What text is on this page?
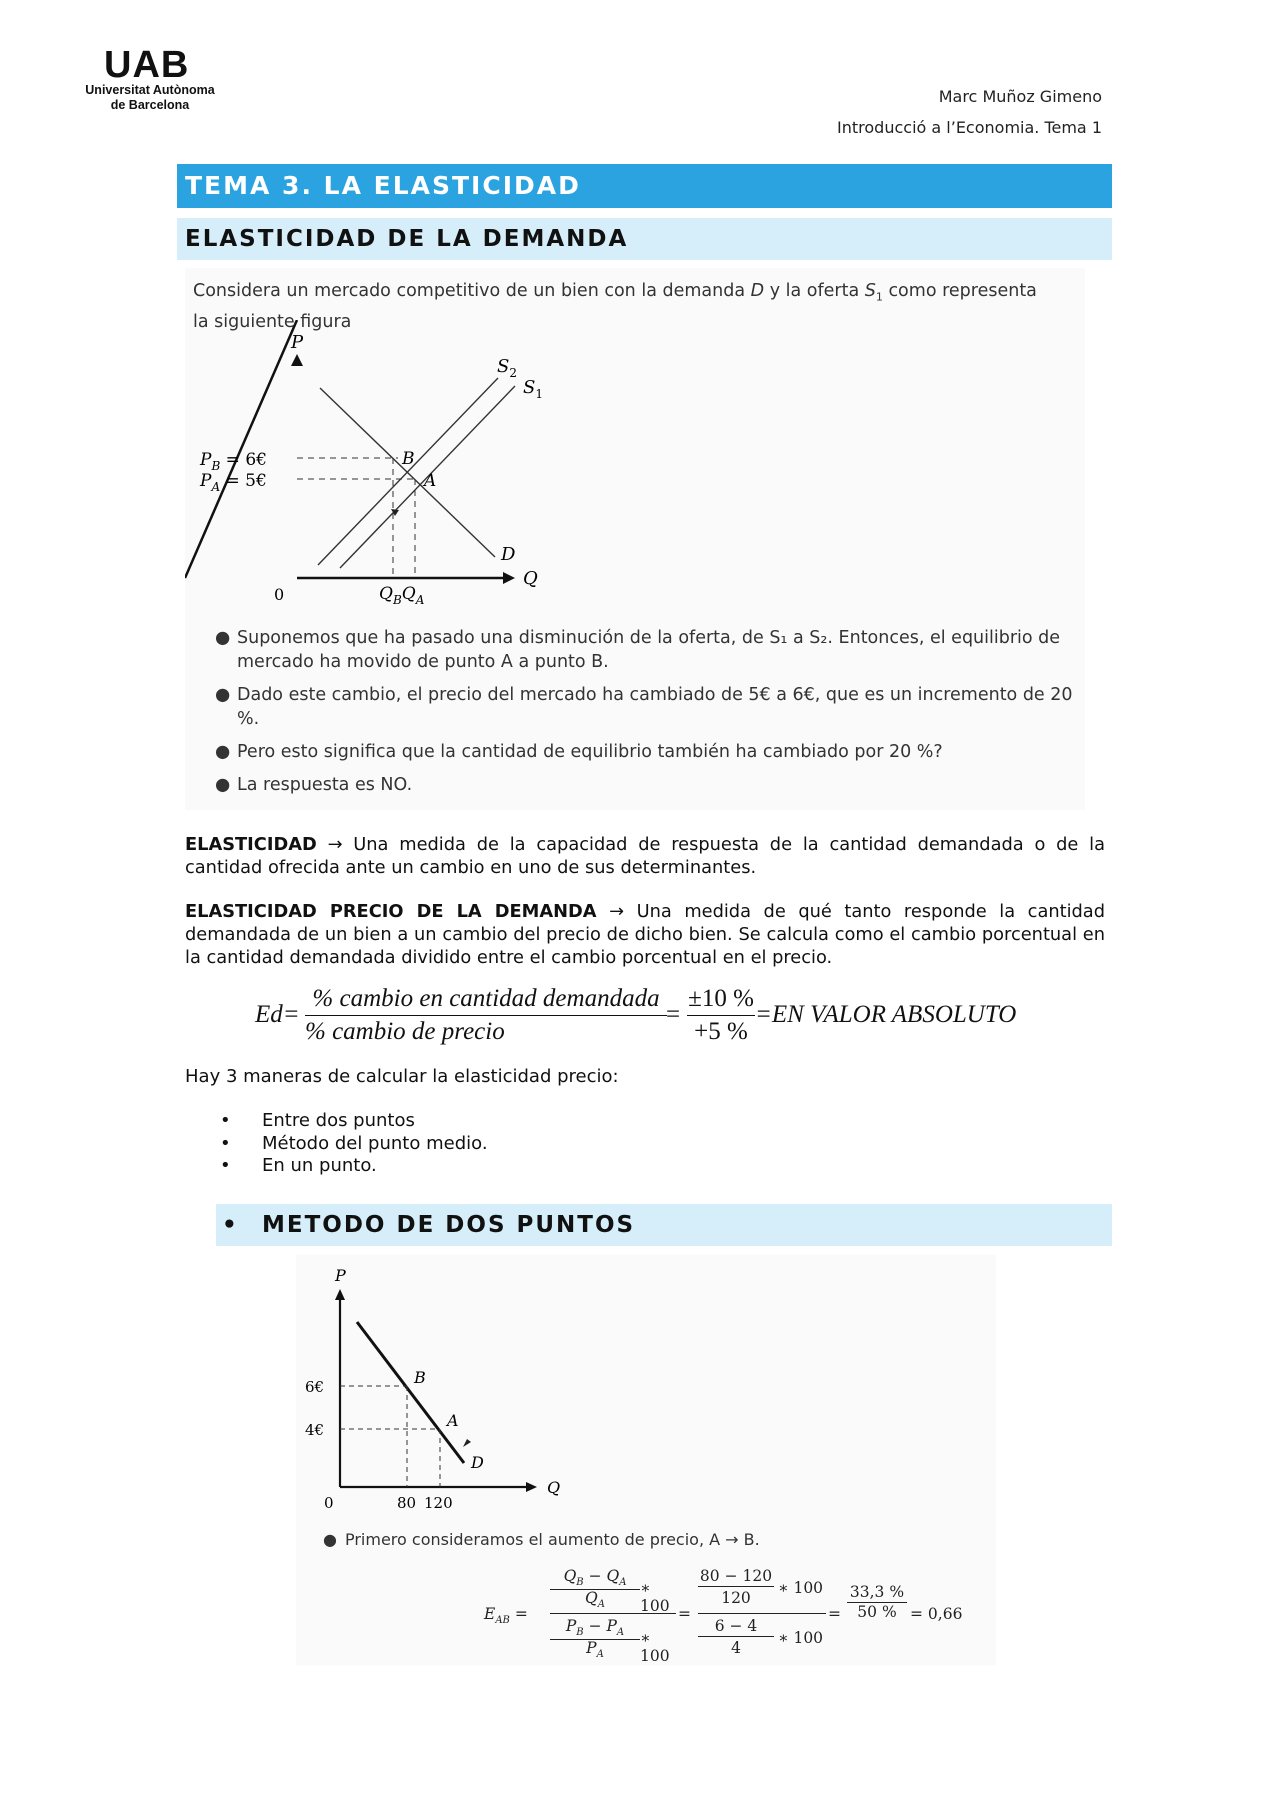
UAB
Universitat Autònoma
de Barcelona	Marc Muñoz Gimeno
Introducció a l’Economia. Tema 1
TEMA 3. LA ELASTICIDAD
ELASTICIDAD DE LA DEMANDA
Considera un mercado competitivo de un bien con la demanda D y la oferta $S_1$ como representa
la siguiente figura
P
Q
0
$S_2$
$S_1$
D
B
A
$P_B$ = 6€
$P_A$ = 5€
$Q_BQ_A$
● Suponemos que ha pasado una disminución de la oferta, de S₁ a S₂. Entonces, el equilibrio de mercado ha movido de punto A a punto B.
● Dado este cambio, el precio del mercado ha cambiado de 5€ a 6€, que es un incremento de 20 %.
● Pero esto significa que la cantidad de equilibrio también ha cambiado por 20 %?
● La respuesta es NO.
ELASTICIDAD → Una medida de la capacidad de respuesta de la cantidad demandada o de la cantidad ofrecida ante un cambio en uno de sus determinantes.
ELASTICIDAD PRECIO DE LA DEMANDA → Una medida de qué tanto responde la cantidad demandada de un bien a un cambio del precio de dicho bien. Se calcula como el cambio porcentual en la cantidad demandada dividido entre el cambio porcentual en el precio.
Ed=
% cambio en cantidad demandada
% cambio de precio
= $\frac{\pm 10 \%}{+5 \%} =EN$ VALOR ABSOLUTO
Hay 3 maneras de calcular la elasticidad precio:
• Entre dos puntos
• Método del punto medio.
• En un punto.
• METODO DE DOS PUNTOS
P
Q
0
6€
4€
80 120
B
A
D
● Primero consideramos el aumento de precio, A → B.
$E_{AB}$ =
$Q_B - Q_A$
$Q_A$
∗ 100
$P_B - P_A$
$P_A$
∗ 100
=
80 − 120
120
∗ 100
6 − 4
4
∗ 100
=
33,3 %
50 % = 0,66
